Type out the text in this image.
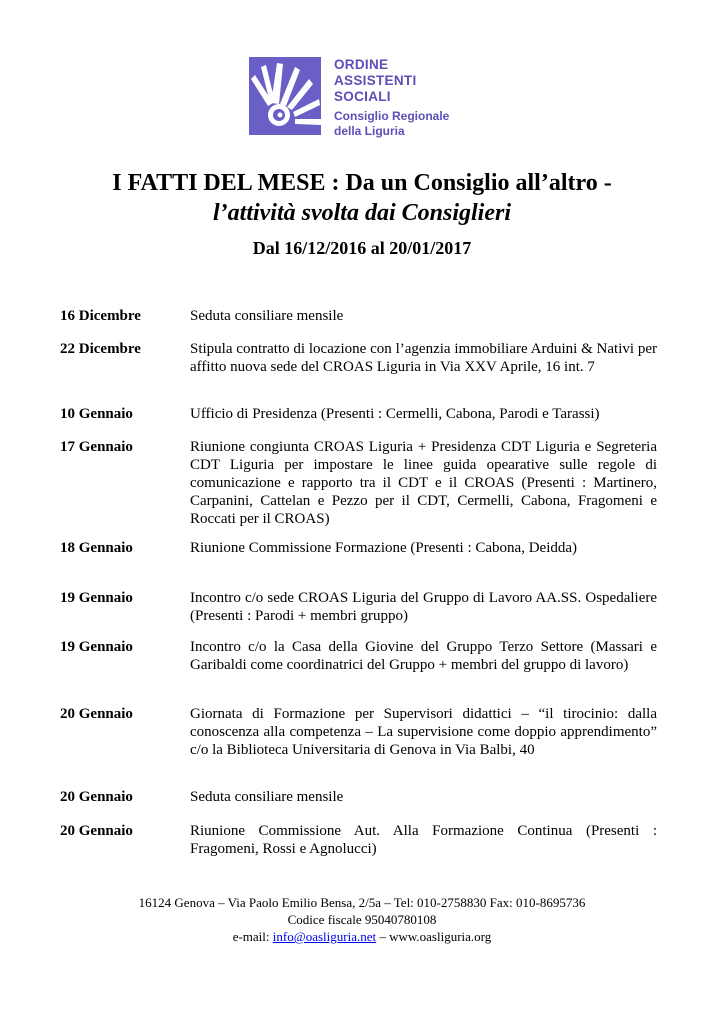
ORDINE
ASSISTENTI
SOCIALI
Consiglio Regionale
della Liguria
I FATTI DEL MESE : Da un Consiglio all’altro -
l’attività svolta dai Consiglieri
Dal 16/12/2016 al 20/01/2017
16 Dicembre	Seduta consiliare mensile
22 Dicembre	Stipula contratto di locazione con l’agenzia immobiliare Arduini & Nativi per affitto nuova sede del CROAS Liguria in Via XXV Aprile, 16 int. 7
10 Gennaio	Ufficio di Presidenza (Presenti : Cermelli, Cabona, Parodi e Tarassi)
17 Gennaio	Riunione congiunta CROAS Liguria + Presidenza CDT Liguria e Segreteria CDT Liguria per impostare le linee guida opearative sulle regole di comunicazione e rapporto tra il CDT e il CROAS (Presenti : Martinero, Carpanini, Cattelan e Pezzo per il CDT, Cermelli, Cabona, Fragomeni e Roccati per il CROAS)
18 Gennaio	Riunione Commissione Formazione (Presenti : Cabona, Deidda)
19 Gennaio	Incontro c/o sede CROAS Liguria del Gruppo di Lavoro AA.SS. Ospedaliere (Presenti : Parodi + membri gruppo)
19 Gennaio	Incontro c/o la Casa della Giovine del Gruppo Terzo Settore (Massari e Garibaldi come coordinatrici del Gruppo + membri del gruppo di lavoro)
20 Gennaio	Giornata di Formazione per Supervisori didattici – “il tirocinio: dalla conoscenza alla competenza – La supervisione come doppio apprendimento” c/o la Biblioteca Universitaria di Genova in Via Balbi, 40
20 Gennaio	Seduta consiliare mensile
20 Gennaio	Riunione Commissione Aut. Alla Formazione Continua (Presenti : Fragomeni, Rossi e Agnolucci)
16124 Genova – Via Paolo Emilio Bensa, 2/5a – Tel: 010-2758830 Fax: 010-8695736
Codice fiscale 95040780108
e-mail: info@oasliguria.net – www.oasliguria.org
